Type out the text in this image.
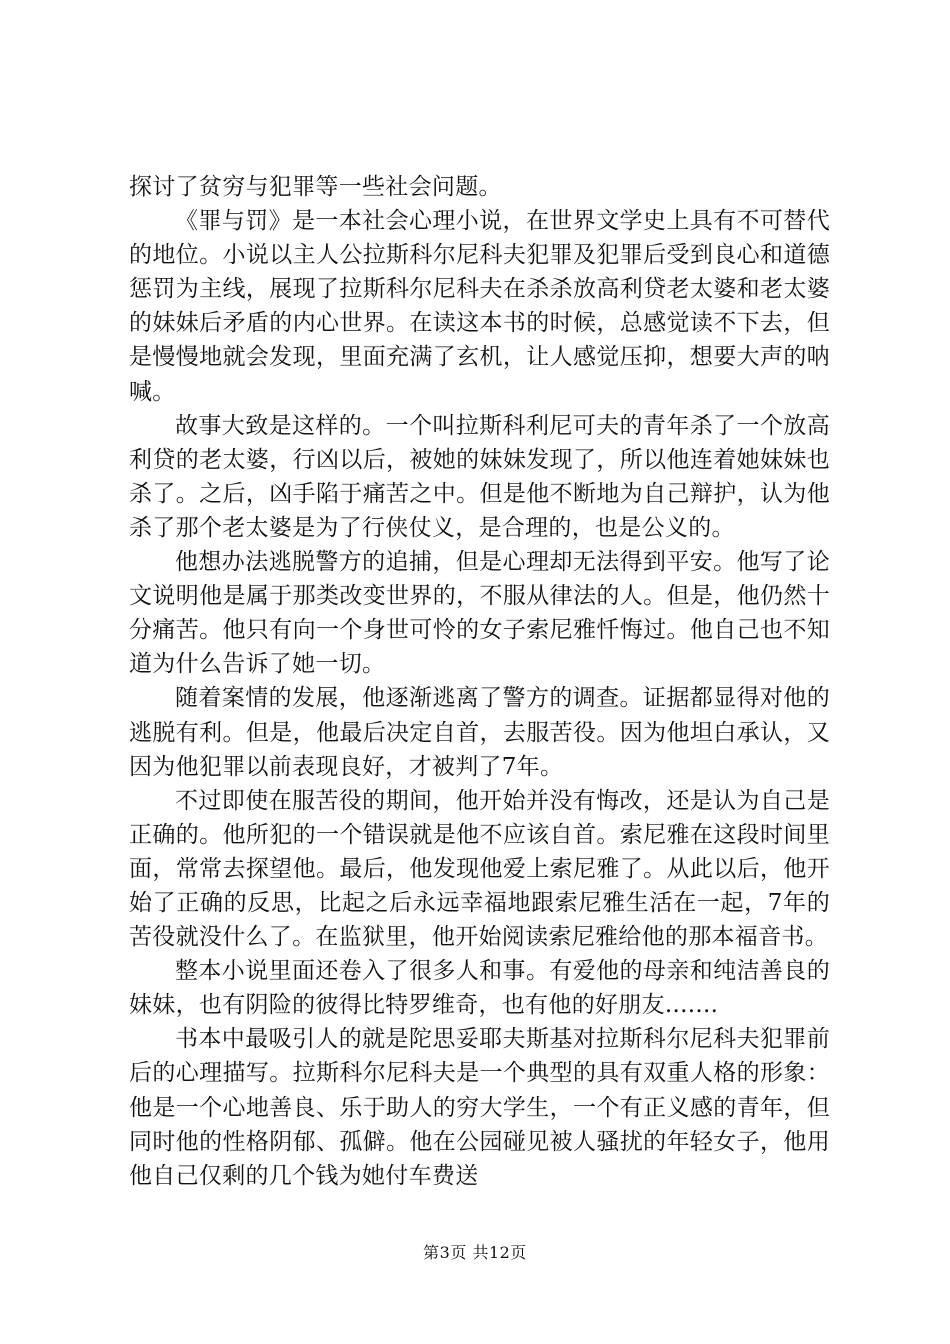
探讨了贫穷与犯罪等一些社会问题。

《罪与罚》是一本社会心理小说，在世界文学史上具有不可替代的地位。小说以主人公拉斯科尔尼科夫犯罪及犯罪后受到良心和道德惩罚为主线，展现了拉斯科尔尼科夫在杀杀放高利贷老太婆和老太婆的妹妹后矛盾的内心世界。在读这本书的时候，总感觉读不下去，但是慢慢地就会发现，里面充满了玄机，让人感觉压抑，想要大声的呐喊。

故事大致是这样的。一个叫拉斯科利尼可夫的青年杀了一个放高利贷的老太婆，行凶以后，被她的妹妹发现了，所以他连着她妹妹也杀了。之后，凶手陷于痛苦之中。但是他不断地为自己辩护，认为他杀了那个老太婆是为了行侠仗义，是合理的，也是公义的。

他想办法逃脱警方的追捕，但是心理却无法得到平安。他写了论文说明他是属于那类改变世界的，不服从律法的人。但是，他仍然十分痛苦。他只有向一个身世可怜的女子索尼雅忏悔过。他自己也不知道为什么告诉了她一切。

随着案情的发展，他逐渐逃离了警方的调查。证据都显得对他的逃脱有利。但是，他最后决定自首，去服苦役。因为他坦白承认，又因为他犯罪以前表现良好，才被判了7年。

不过即使在服苦役的期间，他开始并没有悔改，还是认为自己是正确的。他所犯的一个错误就是他不应该自首。索尼雅在这段时间里面，常常去探望他。最后，他发现他爱上索尼雅了。从此以后，他开始了正确的反思，比起之后永远幸福地跟索尼雅生活在一起，7年的苦役就没什么了。在监狱里，他开始阅读索尼雅给他的那本福音书。

整本小说里面还卷入了很多人和事。有爱他的母亲和纯洁善良的妹妹，也有阴险的彼得比特罗维奇，也有他的好朋友.......

书本中最吸引人的就是陀思妥耶夫斯基对拉斯科尔尼科夫犯罪前后的心理描写。拉斯科尔尼科夫是一个典型的具有双重人格的形象：他是一个心地善良、乐于助人的穷大学生，一个有正义感的青年，但同时他的性格阴郁、孤僻。他在公园碰见被人骚扰的年轻女子，他用他自己仅剩的几个钱为她付车费送

第3页 共12页
